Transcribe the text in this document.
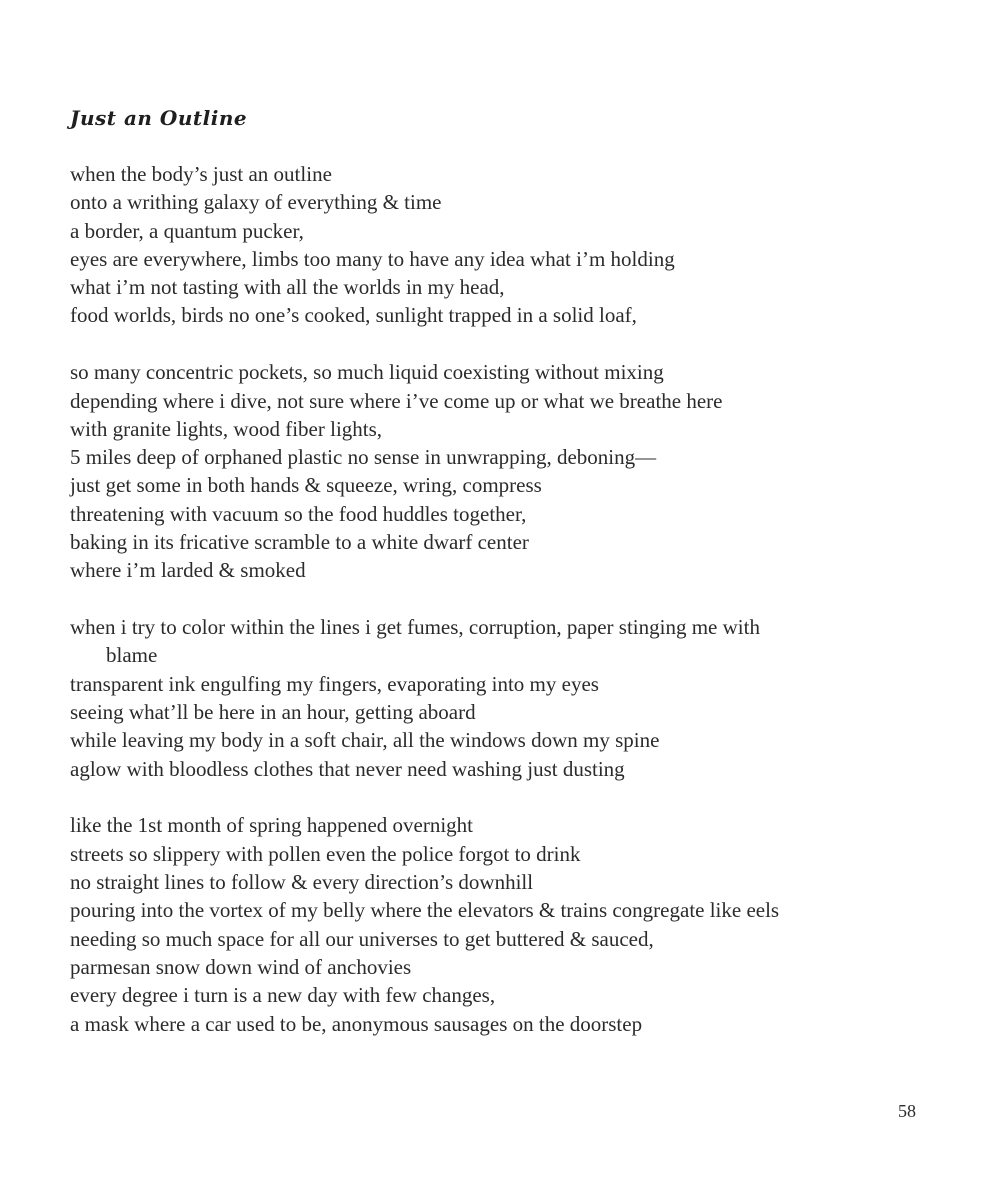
Just an Outline
when the body’s just an outline
onto a writhing galaxy of everything & time
a border, a quantum pucker,
eyes are everywhere, limbs too many to have any idea what i’m holding
what i’m not tasting with all the worlds in my head,
food worlds, birds no one’s cooked, sunlight trapped in a solid loaf,
so many concentric pockets, so much liquid coexisting without mixing
depending where i dive, not sure where i’ve come up or what we breathe here
with granite lights, wood fiber lights,
5 miles deep of orphaned plastic no sense in unwrapping, deboning—
just get some in both hands & squeeze, wring, compress
threatening with vacuum so the food huddles together,
baking in its fricative scramble to a white dwarf center
where i’m larded & smoked
when i try to color within the lines i get fumes, corruption, paper stinging me with
blame
transparent ink engulfing my fingers, evaporating into my eyes
seeing what’ll be here in an hour, getting aboard
while leaving my body in a soft chair, all the windows down my spine
aglow with bloodless clothes that never need washing just dusting
like the 1st month of spring happened overnight
streets so slippery with pollen even the police forgot to drink
no straight lines to follow & every direction’s downhill
pouring into the vortex of my belly where the elevators & trains congregate like eels
needing so much space for all our universes to get buttered & sauced,
parmesan snow down wind of anchovies
every degree i turn is a new day with few changes,
a mask where a car used to be, anonymous sausages on the doorstep
58
